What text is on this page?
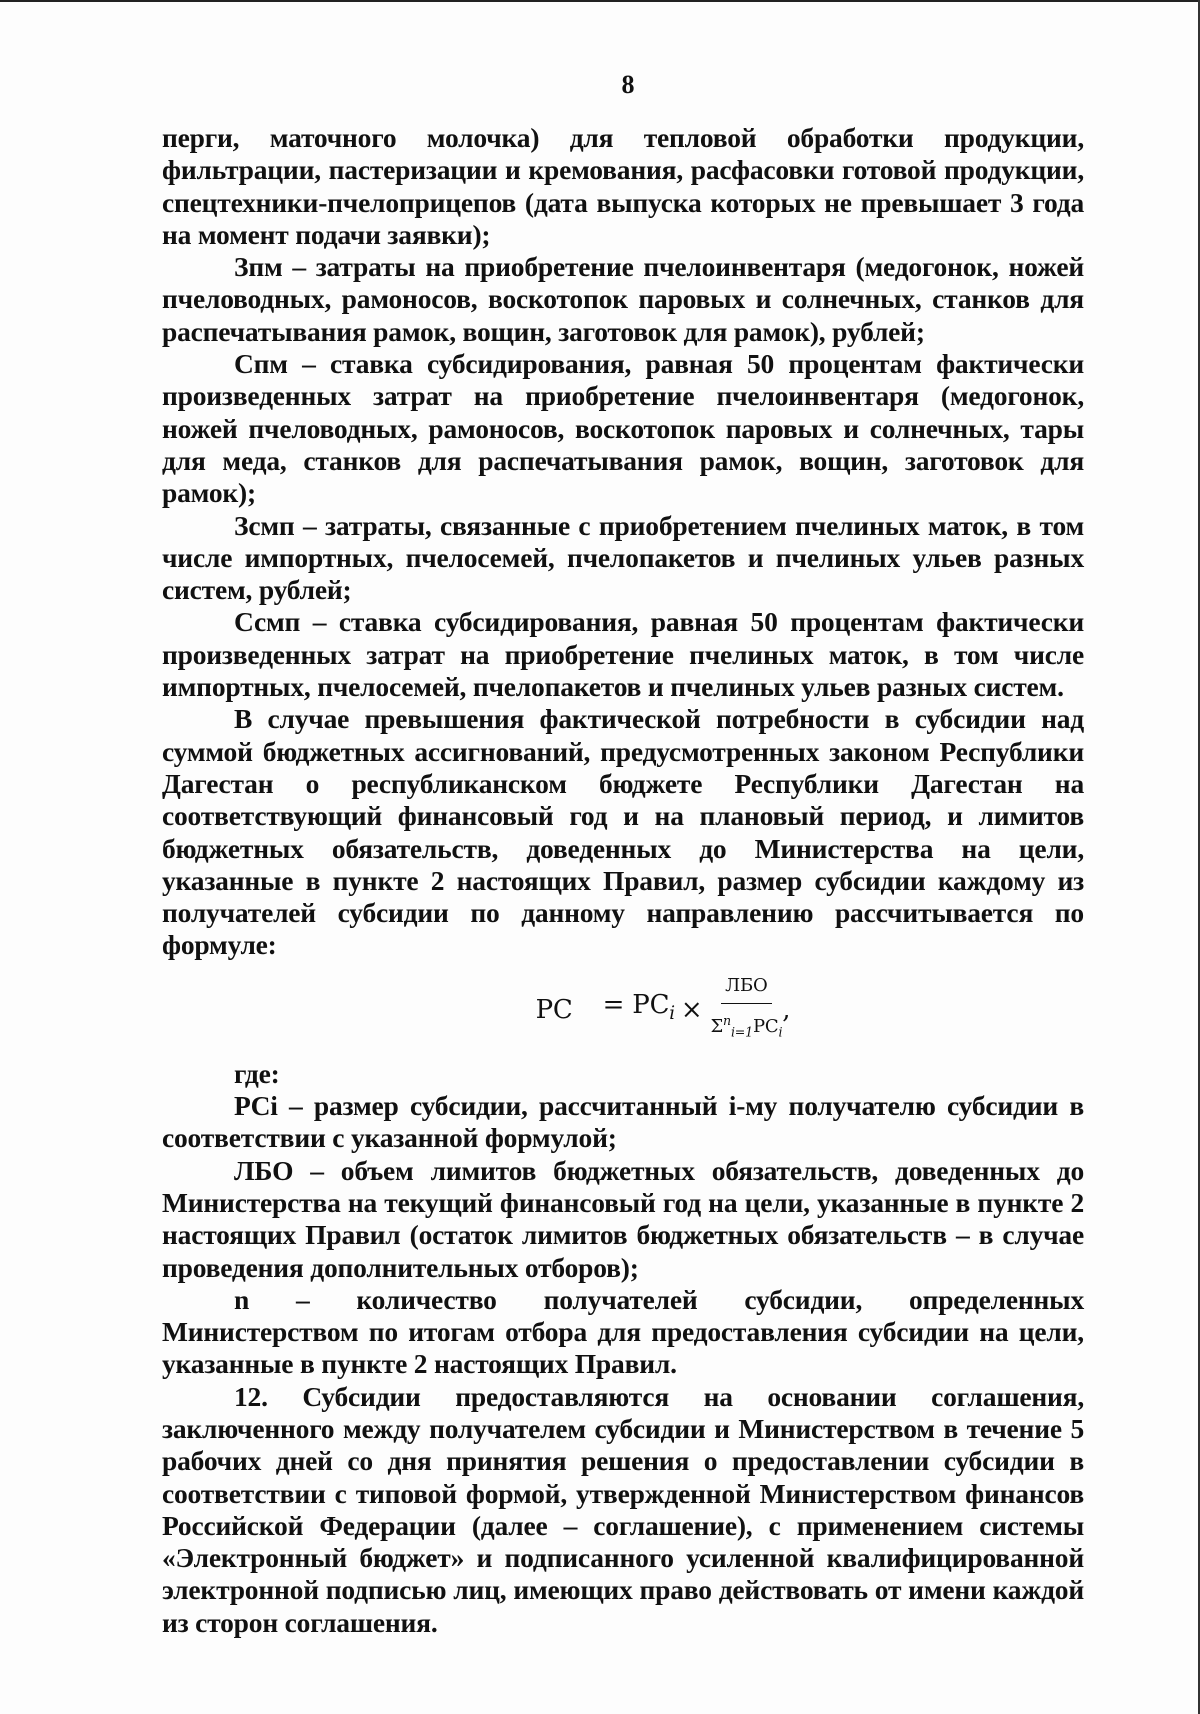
8

перги, маточного молочка) для тепловой обработки продукции, фильтрации, пастеризации и кремования, расфасовки готовой продукции, спецтехники-пчелоприцепов (дата выпуска которых не превышает 3 года на момент подачи заявки);

Зпм – затраты на приобретение пчелоинвентаря (медогонок, ножей пчеловодных, рамоносов, воскотопок паровых и солнечных, станков для распечатывания рамок, вощин, заготовок для рамок), рублей;

Спм – ставка субсидирования, равная 50 процентам фактически произведенных затрат на приобретение пчелоинвентаря (медогонок, ножей пчеловодных, рамоносов, воскотопок паровых и солнечных, тары для меда, станков для распечатывания рамок, вощин, заготовок для рамок);

Зсмп – затраты, связанные с приобретением пчелиных маток, в том числе импортных, пчелосемей, пчелопакетов и пчелиных ульев разных систем, рублей;

Ссмп – ставка субсидирования, равная 50 процентам фактически произведенных затрат на приобретение пчелиных маток, в том числе импортных, пчелосемей, пчелопакетов и пчелиных ульев разных систем.

В случае превышения фактической потребности в субсидии над суммой бюджетных ассигнований, предусмотренных законом Республики Дагестан о республиканском бюджете Республики Дагестан на соответствующий финансовый год и на плановый период, и лимитов бюджетных обязательств, доведенных до Министерства на цели, указанные в пункте 2 настоящих Правил, размер субсидии каждому из получателей субсидии по данному направлению рассчитывается по формуле:

PC = $PC_i \times \frac{\text{ЛБО}}{\Sigma^n_{i=1}PC_i}$ ,

где:

PCi – размер субсидии, рассчитанный i-му получателю субсидии в соответствии с указанной формулой;

ЛБО – объем лимитов бюджетных обязательств, доведенных до Министерства на текущий финансовый год на цели, указанные в пункте 2 настоящих Правил (остаток лимитов бюджетных обязательств – в случае проведения дополнительных отборов);

n – количество получателей субсидии, определенных Министерством по итогам отбора для предоставления субсидии на цели, указанные в пункте 2 настоящих Правил.

12. Субсидии предоставляются на основании соглашения, заключенного между получателем субсидии и Министерством в течение 5 рабочих дней со дня принятия решения о предоставлении субсидии в соответствии с типовой формой, утвержденной Министерством финансов Российской Федерации (далее – соглашение), с применением системы «Электронный бюджет» и подписанного усиленной квалифицированной электронной подписью лиц, имеющих право действовать от имени каждой из сторон соглашения.
